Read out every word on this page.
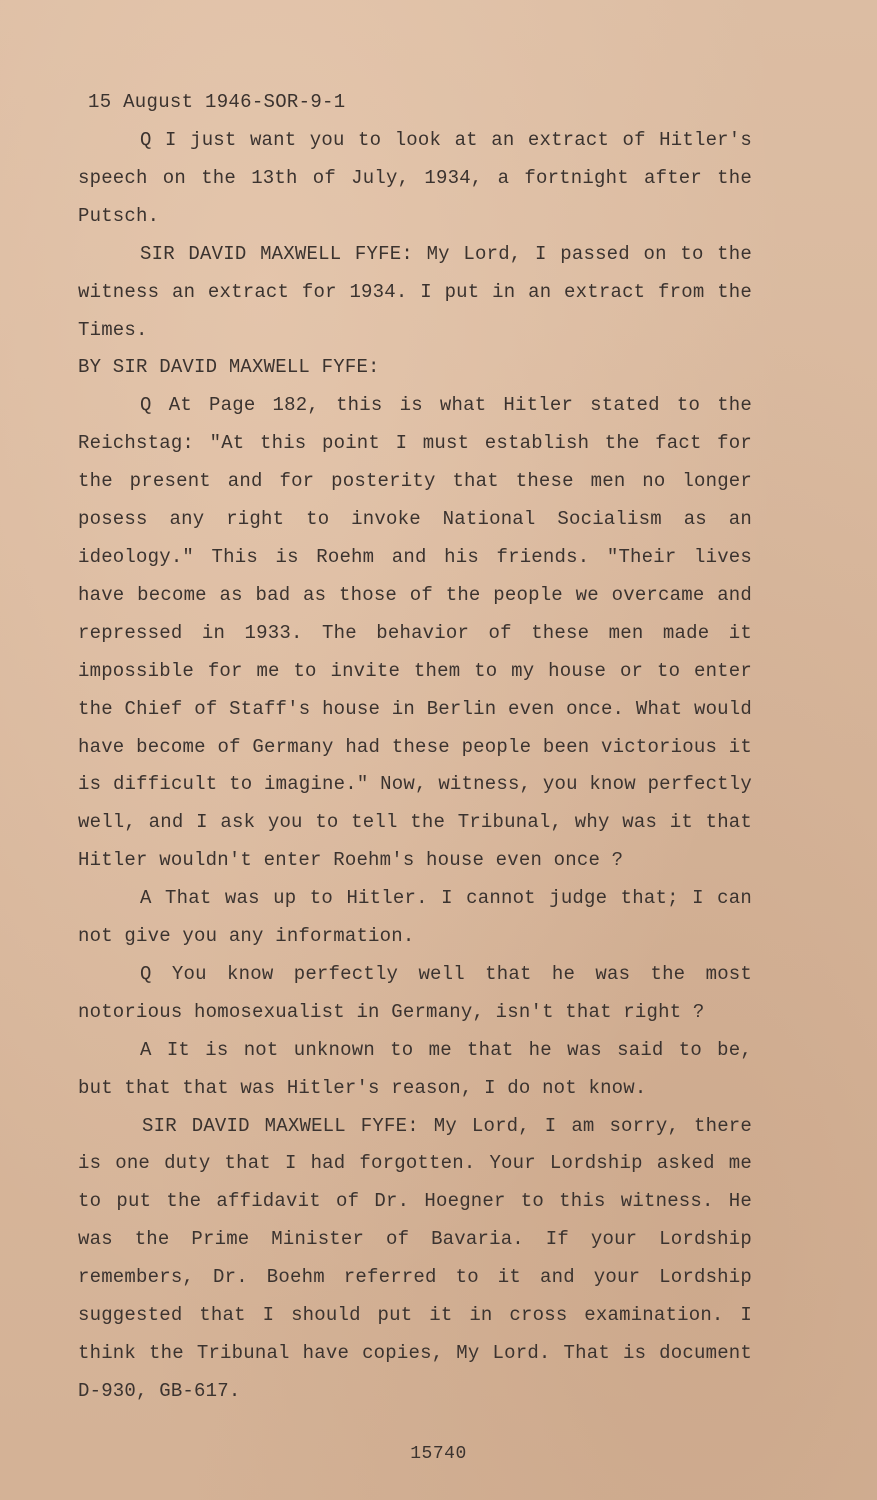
15 August 1946-SOR-9-1

Q I just want you to look at an extract of Hitler's speech on the 13th of July, 1934, a fortnight after the Putsch.

SIR DAVID MAXWELL FYFE: My Lord, I passed on to the witness an extract for 1934. I put in an extract from the Times.

BY SIR DAVID MAXWELL FYFE:

Q At Page 182, this is what Hitler stated to the Reichstag: "At this point I must establish the fact for the present and for posterity that these men no longer posess any right to invoke National Socialism as an ideology." This is Roehm and his friends. "Their lives have become as bad as those of the people we overcame and repressed in 1933. The behavior of these men made it impossible for me to invite them to my house or to enter the Chief of Staff's house in Berlin even once. What would have become of Germany had these people been victorious it is difficult to imagine." Now, witness, you know perfectly well, and I ask you to tell the Tribunal, why was it that Hitler wouldn't enter Roehm's house even once ?

A That was up to Hitler. I cannot judge that; I can not give you any information.

Q You know perfectly well that he was the most notorious homosexualist in Germany, isn't that right ?

A It is not unknown to me that he was said to be, but that that was Hitler's reason, I do not know.

SIR DAVID MAXWELL FYFE: My Lord, I am sorry, there is one duty that I had forgotten. Your Lordship asked me to put the affidavit of Dr. Hoegner to this witness. He was the Prime Minister of Bavaria. If your Lordship remembers, Dr. Boehm referred to it and your Lordship suggested that I should put it in cross examination. I think the Tribunal have copies, My Lord. That is document D-930, GB-617.

15740
